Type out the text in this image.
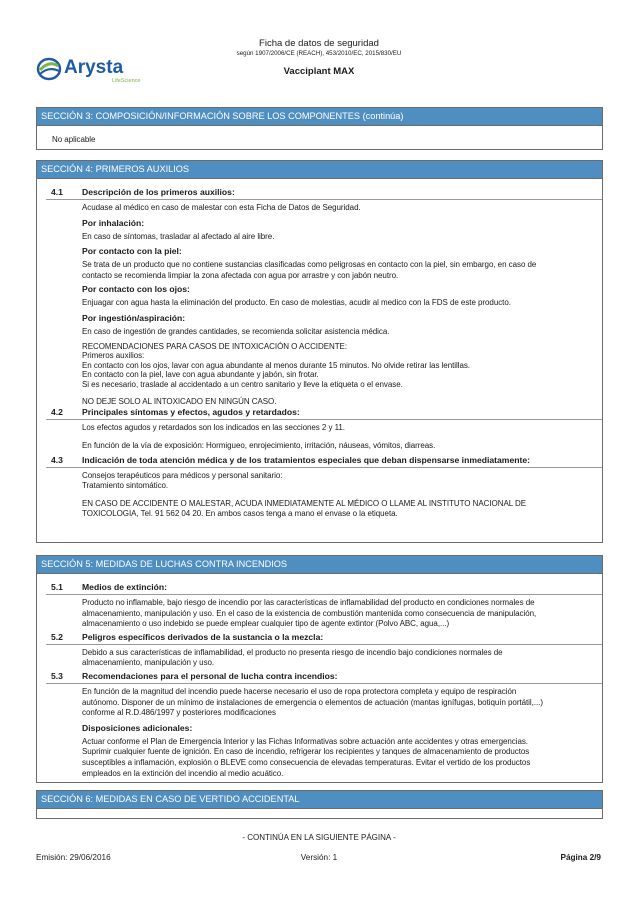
Arysta
LifeScience
Ficha de datos de seguridad
según 1907/2006/CE (REACH), 453/2010/EC, 2015/830/EU
Vacciplant MAX
SECCIÓN 3: COMPOSICIÓN/INFORMACIÓN SOBRE LOS COMPONENTES (continúa)
No aplicable
SECCIÓN 4: PRIMEROS AUXILIOS
4.1 Descripción de los primeros auxilios:
Acudase al médico en caso de malestar con esta Ficha de Datos de Seguridad.
Por inhalación:
En caso de síntomas, trasladar al afectado al aire libre.
Por contacto con la piel:
Se trata de un producto que no contiene sustancias clasificadas como peligrosas en contacto con la piel, sin embargo, en caso de
contacto se recomienda limpiar la zona afectada con agua por arrastre y con jabón neutro.
Por contacto con los ojos:
Enjuagar con agua hasta la eliminación del producto. En caso de molestias, acudir al medico con la FDS de este producto.
Por ingestión/aspiración:
En caso de ingestión de grandes cantidades, se recomienda solicitar asistencia médica.
RECOMENDACIONES PARA CASOS DE INTOXICACIÓN O ACCIDENTE:
Primeros auxilios:
En contacto con los ojos, lavar con agua abundante al menos durante 15 minutos. No olvide retirar las lentillas.
En contacto con la piel, lave con agua abundante y jabón, sin frotar.
Si es necesario, traslade al accidentado a un centro sanitario y lleve la etiqueta o el envase.
NO DEJE SOLO AL INTOXICADO EN NINGÚN CASO.
4.2 Principales síntomas y efectos, agudos y retardados:
Los efectos agudos y retardados son los indicados en las secciones 2 y 11.
En función de la vía de exposición: Hormigueo, enrojecimiento, irritación, náuseas, vómitos, diarreas.
4.3 Indicación de toda atención médica y de los tratamientos especiales que deban dispensarse inmediatamente:
Consejos terapéuticos para médicos y personal sanitario:
Tratamiento sintomático.
EN CASO DE ACCIDENTE O MALESTAR, ACUDA INMEDIATAMENTE AL MÉDICO O LLAME AL INSTITUTO NACIONAL DE
TOXICOLOGIA, Tel. 91 562 04 20. En ambos casos tenga a mano el envase o la etiqueta.
SECCIÓN 5: MEDIDAS DE LUCHAS CONTRA INCENDIOS
5.1 Medios de extinción:
Producto no inflamable, bajo riesgo de incendio por las características de inflamabilidad del producto en condiciones normales de
almacenamiento, manipulación y uso. En el caso de la existencia de combustión mantenida como consecuencia de manipulación,
almacenamiento o uso indebido se puede emplear cualquier tipo de agente extintor (Polvo ABC, agua,...)
5.2 Peligros específicos derivados de la sustancia o la mezcla:
Debido a sus características de inflamabilidad, el producto no presenta riesgo de incendio bajo condiciones normales de
almacenamiento, manipulación y uso.
5.3 Recomendaciones para el personal de lucha contra incendios:
En función de la magnitud del incendio puede hacerse necesario el uso de ropa protectora completa y equipo de respiración
autónomo. Disponer de un mínimo de instalaciones de emergencia o elementos de actuación (mantas ignífugas, botiquín portátil,...)
conforme al R.D.486/1997 y posteriores modificaciones
Disposiciones adicionales:
Actuar conforme el Plan de Emergencia Interior y las Fichas Informativas sobre actuación ante accidentes y otras emergencias.
Suprimir cualquier fuente de ignición. En caso de incendio, refrigerar los recipientes y tanques de almacenamiento de productos
susceptibles a inflamación, explosión o BLEVE como consecuencia de elevadas temperaturas. Evitar el vertido de los productos
empleados en la extinción del incendio al medio acuático.
SECCIÓN 6: MEDIDAS EN CASO DE VERTIDO ACCIDENTAL
- CONTINÚA EN LA SIGUIENTE PÁGINA -
Emisión: 29/06/2016	Versión: 1	Página 2/9
